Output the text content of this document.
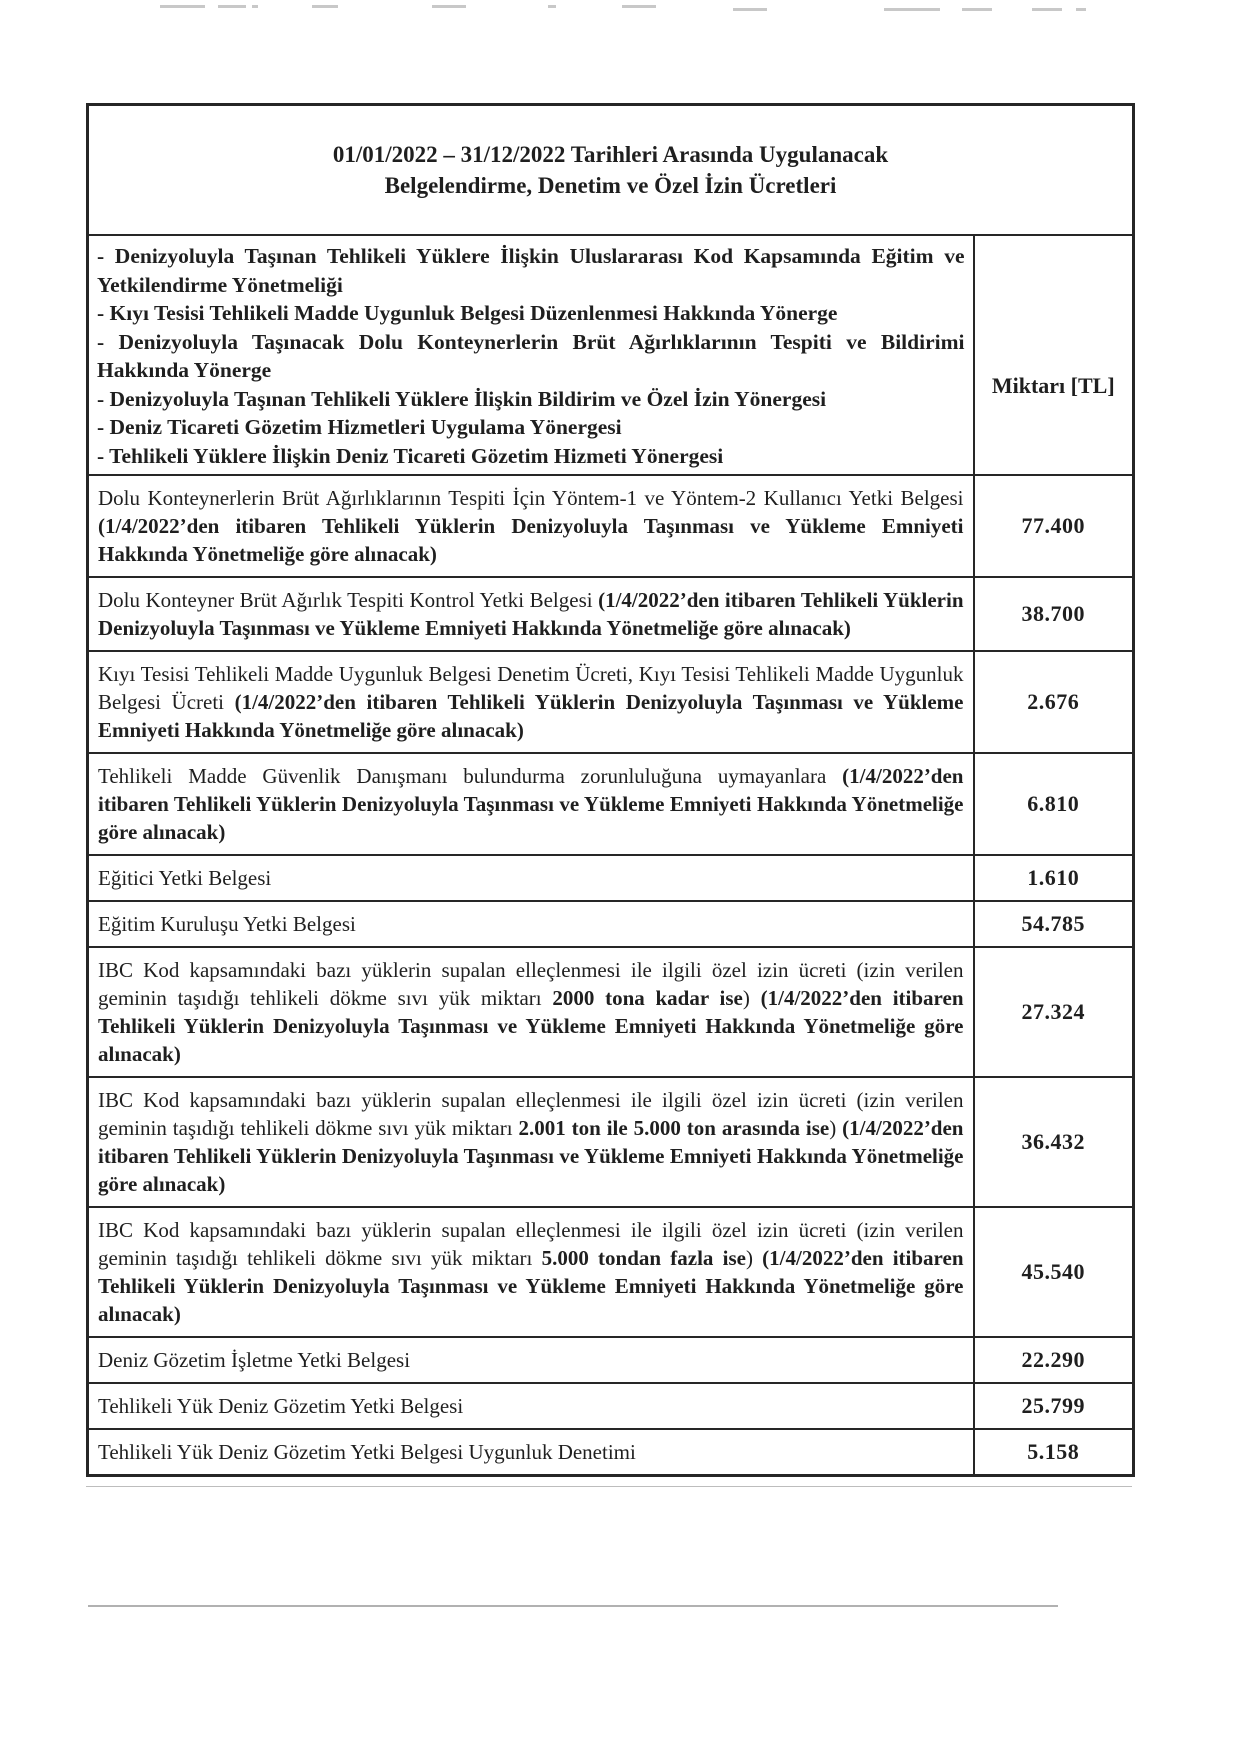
01/01/2022 – 31/12/2022 Tarihleri Arasında Uygulanacak
Belgelendirme, Denetim ve Özel İzin Ücretleri	

- Denizyoluyla Taşınan Tehlikeli Yüklere İlişkin Uluslararası Kod Kapsamında Eğitim ve Yetkilendirme Yönetmeliği
- Kıyı Tesisi Tehlikeli Madde Uygunluk Belgesi Düzenlenmesi Hakkında Yönerge
- Denizyoluyla Taşınacak Dolu Konteynerlerin Brüt Ağırlıklarının Tespiti ve Bildirimi Hakkında Yönerge
- Denizyoluyla Taşınan Tehlikeli Yüklere İlişkin Bildirim ve Özel İzin Yönergesi
- Deniz Ticareti Gözetim Hizmetleri Uygulama Yönergesi
- Tehlikeli Yüklere İlişkin Deniz Ticareti Gözetim Hizmeti Yönergesi
	Miktarı [TL]
Dolu Konteynerlerin Brüt Ağırlıklarının Tespiti İçin Yöntem-1 ve Yöntem-2 Kullanıcı Yetki Belgesi (1/4/2022’den itibaren Tehlikeli Yüklerin Denizyoluyla Taşınması ve Yükleme Emniyeti Hakkında Yönetmeliğe göre alınacak)	77.400
Dolu Konteyner Brüt Ağırlık Tespiti Kontrol Yetki Belgesi (1/4/2022’den itibaren Tehlikeli Yüklerin Denizyoluyla Taşınması ve Yükleme Emniyeti Hakkında Yönetmeliğe göre alınacak)	38.700
Kıyı Tesisi Tehlikeli Madde Uygunluk Belgesi Denetim Ücreti, Kıyı Tesisi Tehlikeli Madde Uygunluk Belgesi Ücreti (1/4/2022’den itibaren Tehlikeli Yüklerin Denizyoluyla Taşınması ve Yükleme Emniyeti Hakkında Yönetmeliğe göre alınacak)	2.676
Tehlikeli Madde Güvenlik Danışmanı bulundurma zorunluluğuna uymayanlara (1/4/2022’den itibaren Tehlikeli Yüklerin Denizyoluyla Taşınması ve Yükleme Emniyeti Hakkında Yönetmeliğe göre alınacak)	6.810
Eğitici Yetki Belgesi	1.610
Eğitim Kuruluşu Yetki Belgesi	54.785
IBC Kod kapsamındaki bazı yüklerin supalan elleçlenmesi ile ilgili özel izin ücreti (izin verilen geminin taşıdığı tehlikeli dökme sıvı yük miktarı 2000 tona kadar ise) (1/4/2022’den itibaren Tehlikeli Yüklerin Denizyoluyla Taşınması ve Yükleme Emniyeti Hakkında Yönetmeliğe göre alınacak)	27.324
IBC Kod kapsamındaki bazı yüklerin supalan elleçlenmesi ile ilgili özel izin ücreti (izin verilen geminin taşıdığı tehlikeli dökme sıvı yük miktarı 2.001 ton ile 5.000 ton arasında ise) (1/4/2022’den itibaren Tehlikeli Yüklerin Denizyoluyla Taşınması ve Yükleme Emniyeti Hakkında Yönetmeliğe göre alınacak)	36.432
IBC Kod kapsamındaki bazı yüklerin supalan elleçlenmesi ile ilgili özel izin ücreti (izin verilen geminin taşıdığı tehlikeli dökme sıvı yük miktarı 5.000 tondan fazla ise) (1/4/2022’den itibaren Tehlikeli Yüklerin Denizyoluyla Taşınması ve Yükleme Emniyeti Hakkında Yönetmeliğe göre alınacak)	45.540
Deniz Gözetim İşletme Yetki Belgesi	22.290
Tehlikeli Yük Deniz Gözetim Yetki Belgesi	25.799
Tehlikeli Yük Deniz Gözetim Yetki Belgesi Uygunluk Denetimi	5.158
